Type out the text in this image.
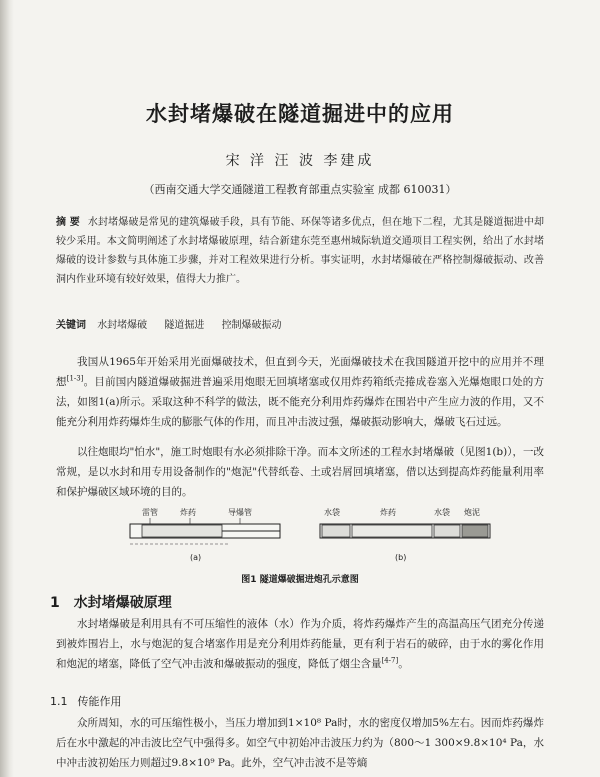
水封堵爆破在隧道掘进中的应用
宋 洋 汪 波 李建成
（西南交通大学交通隧道工程教育部重点实验室 成都 610031）
摘 要 水封堵爆破是常见的建筑爆破手段，具有节能、环保等诸多优点，但在地下二程，尤其是隧道掘进中却较少采用。本文简明阐述了水封堵爆破原理，结合新建东莞至惠州城际轨道交通项目工程实例，给出了水封堵爆破的设计参数与具体施工步骤，并对工程效果进行分析。事实证明，水封堵爆破在严格控制爆破振动、改善洞内作业环境有较好效果，值得大力推广。
关键词 水封堵爆破 隧道掘进 控制爆破振动

我国从1965年开始采用光面爆破技术，但直到今天，光面爆破技术在我国隧道开挖中的应用并不理想[1-3]。目前国内隧道爆破掘进普遍采用炮眼无回填堵塞或仅用炸药箱纸壳捲成卷塞入光爆炮眼口处的方法，如图1(a)所示。采取这种不科学的做法，既不能充分利用炸药爆炸在围岩中产生应力波的作用，又不能充分利用炸药爆炸生成的膨胀气体的作用，而且冲击波过强，爆破振动影响大，爆破飞石过远。

以往炮眼均"怕水"，施工时炮眼有水必须排除干净。而本文所述的工程水封堵爆破（见图1(b)），一改常规，是以水封和用专用设备制作的"炮泥"代替纸卷、土或岩屑回填堵塞，借以达到提高炸药能量利用率和保护爆破区域环境的目的。

雷管	炸药	导爆管
(a)
水袋	炸药	水袋 炮泥
(b)
图1 隧道爆破掘进炮孔示意图
1 水封堵爆破原理

水封堵爆破是利用具有不可压缩性的液体（水）作为介质，将炸药爆炸产生的高温高压气团充分传递到被炸围岩上，水与炮泥的复合堵塞作用是充分利用炸药能量，更有利于岩石的破碎，由于水的雾化作用和炮泥的堵塞，降低了空气冲击波和爆破振动的强度，降低了烟尘含量[4-7]。

1.1 传能作用

众所周知，水的可压缩性极小，当压力增加到1×10⁸ Pa时，水的密度仅增加5%左右。因而炸药爆炸后在水中激起的冲击波比空气中强得多。如空气中初始冲击波压力约为（800～1 300×9.8×10⁴ Pa，水中冲击波初始压力则超过9.8×10⁹ Pa。此外，空气冲击波不是等熵
